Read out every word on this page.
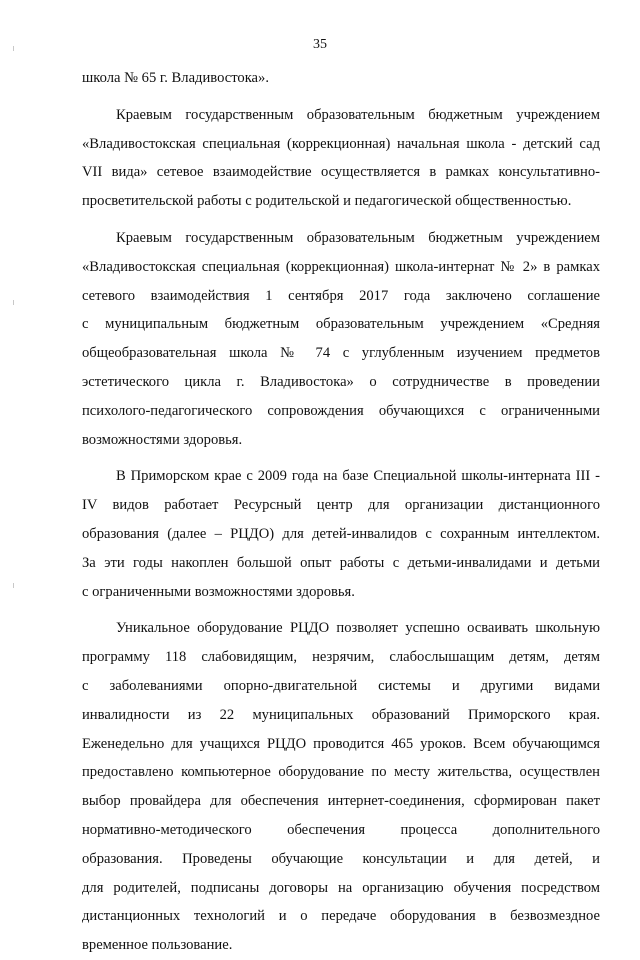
35
школа № 65 г. Владивостока».
Краевым государственным образовательным бюджетным учреждением
«Владивостокская специальная (коррекционная) начальная школа - детский сад
VII вида» сетевое взаимодействие осуществляется в рамках консультативно-
просветительской работы с родительской и педагогической общественностью.
Краевым государственным образовательным бюджетным учреждением
«Владивостокская специальная (коррекционная) школа-интернат № 2» в рамках
сетевого взаимодействия 1 сентября 2017 года заключено соглашение
с муниципальным бюджетным образовательным учреждением «Средняя
общеобразовательная школа № 74 с углубленным изучением предметов
эстетического цикла г. Владивостока» о сотрудничестве в проведении
психолого-педагогического сопровождения обучающихся с ограниченными
возможностями здоровья.
В Приморском крае с 2009 года на базе Специальной школы-интерната III -
IV видов работает Ресурсный центр для организации дистанционного
образования (далее – РЦДО) для детей-инвалидов с сохранным интеллектом.
За эти годы накоплен большой опыт работы с детьми-инвалидами и детьми
с ограниченными возможностями здоровья.
Уникальное оборудование РЦДО позволяет успешно осваивать школьную
программу 118 слабовидящим, незрячим, слабослышащим детям, детям
с заболеваниями опорно-двигательной системы и другими видами
инвалидности из 22 муниципальных образований Приморского края.
Еженедельно для учащихся РЦДО проводится 465 уроков. Всем обучающимся
предоставлено компьютерное оборудование по месту жительства, осуществлен
выбор провайдера для обеспечения интернет-соединения, сформирован пакет
нормативно-методического обеспечения процесса дополнительного
образования. Проведены обучающие консультации и для детей, и
для родителей, подписаны договоры на организацию обучения посредством
дистанционных технологий и о передаче оборудования в безвозмездное
временное пользование.
